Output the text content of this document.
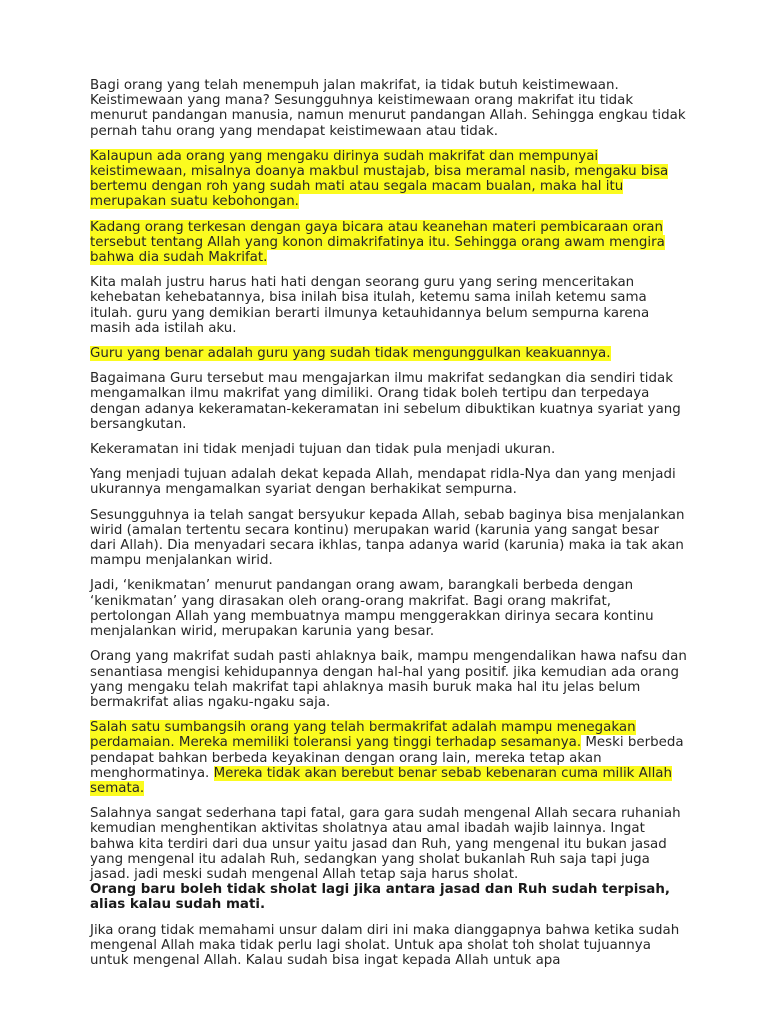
Bagi orang yang telah menempuh jalan makrifat, ia tidak butuh keistimewaan. Keistimewaan yang mana? Sesungguhnya keistimewaan orang makrifat itu tidak menurut pandangan manusia, namun menurut pandangan Allah. Sehingga engkau tidak pernah tahu orang yang mendapat keistimewaan atau tidak.

Kalaupun ada orang yang mengaku dirinya sudah makrifat dan mempunyai keistimewaan, misalnya doanya makbul mustajab, bisa meramal nasib, mengaku bisa bertemu dengan roh yang sudah mati atau segala macam bualan, maka hal itu merupakan suatu kebohongan.

Kadang orang terkesan dengan gaya bicara atau keanehan materi pembicaraan oran tersebut tentang Allah yang konon dimakrifatinya itu. Sehingga orang awam mengira bahwa dia sudah Makrifat.

Kita malah justru harus hati hati dengan seorang guru yang sering menceritakan kehebatan kehebatannya, bisa inilah bisa itulah, ketemu sama inilah ketemu sama itulah. guru yang demikian berarti ilmunya ketauhidannya belum sempurna karena masih ada istilah aku.

Guru yang benar adalah guru yang sudah tidak mengunggulkan keakuannya.

Bagaimana Guru tersebut mau mengajarkan ilmu makrifat sedangkan dia sendiri tidak mengamalkan ilmu makrifat yang dimiliki. Orang tidak boleh tertipu dan terpedaya dengan adanya kekeramatan-kekeramatan ini sebelum dibuktikan kuatnya syariat yang bersangkutan.

Kekeramatan ini tidak menjadi tujuan dan tidak pula menjadi ukuran.

Yang menjadi tujuan adalah dekat kepada Allah, mendapat ridla-Nya dan yang menjadi ukurannya mengamalkan syariat dengan berhakikat sempurna.

Sesungguhnya ia telah sangat bersyukur kepada Allah, sebab baginya bisa menjalankan wirid (amalan tertentu secara kontinu) merupakan warid (karunia yang sangat besar dari Allah). Dia menyadari secara ikhlas, tanpa adanya warid (karunia) maka ia tak akan mampu menjalankan wirid.

Jadi, ‘kenikmatan’ menurut pandangan orang awam, barangkali berbeda dengan ‘kenikmatan’ yang dirasakan oleh orang-orang makrifat. Bagi orang makrifat, pertolongan Allah yang membuatnya mampu menggerakkan dirinya secara kontinu menjalankan wirid, merupakan karunia yang besar.

Orang yang makrifat sudah pasti ahlaknya baik, mampu mengendalikan hawa nafsu dan senantiasa mengisi kehidupannya dengan hal-hal yang positif. jika kemudian ada orang yang mengaku telah makrifat tapi ahlaknya masih buruk maka hal itu jelas belum bermakrifat alias ngaku-ngaku saja.

Salah satu sumbangsih orang yang telah bermakrifat adalah mampu menegakan perdamaian. Mereka memiliki toleransi yang tinggi terhadap sesamanya. Meski berbeda pendapat bahkan berbeda keyakinan dengan orang lain, mereka tetap akan menghormatinya. Mereka tidak akan berebut benar sebab kebenaran cuma milik Allah semata.

Salahnya sangat sederhana tapi fatal, gara gara sudah mengenal Allah secara ruhaniah kemudian menghentikan aktivitas sholatnya atau amal ibadah wajib lainnya. Ingat bahwa kita terdiri dari dua unsur yaitu jasad dan Ruh, yang mengenal itu bukan jasad yang mengenal itu adalah Ruh, sedangkan yang sholat bukanlah Ruh saja tapi juga jasad. jadi meski sudah mengenal Allah tetap saja harus sholat.
Orang baru boleh tidak sholat lagi jika antara jasad dan Ruh sudah terpisah, alias kalau sudah mati.

Jika orang tidak memahami unsur dalam diri ini maka dianggapnya bahwa ketika sudah mengenal Allah maka tidak perlu lagi sholat. Untuk apa sholat toh sholat tujuannya untuk mengenal Allah. Kalau sudah bisa ingat kepada Allah untuk apa
